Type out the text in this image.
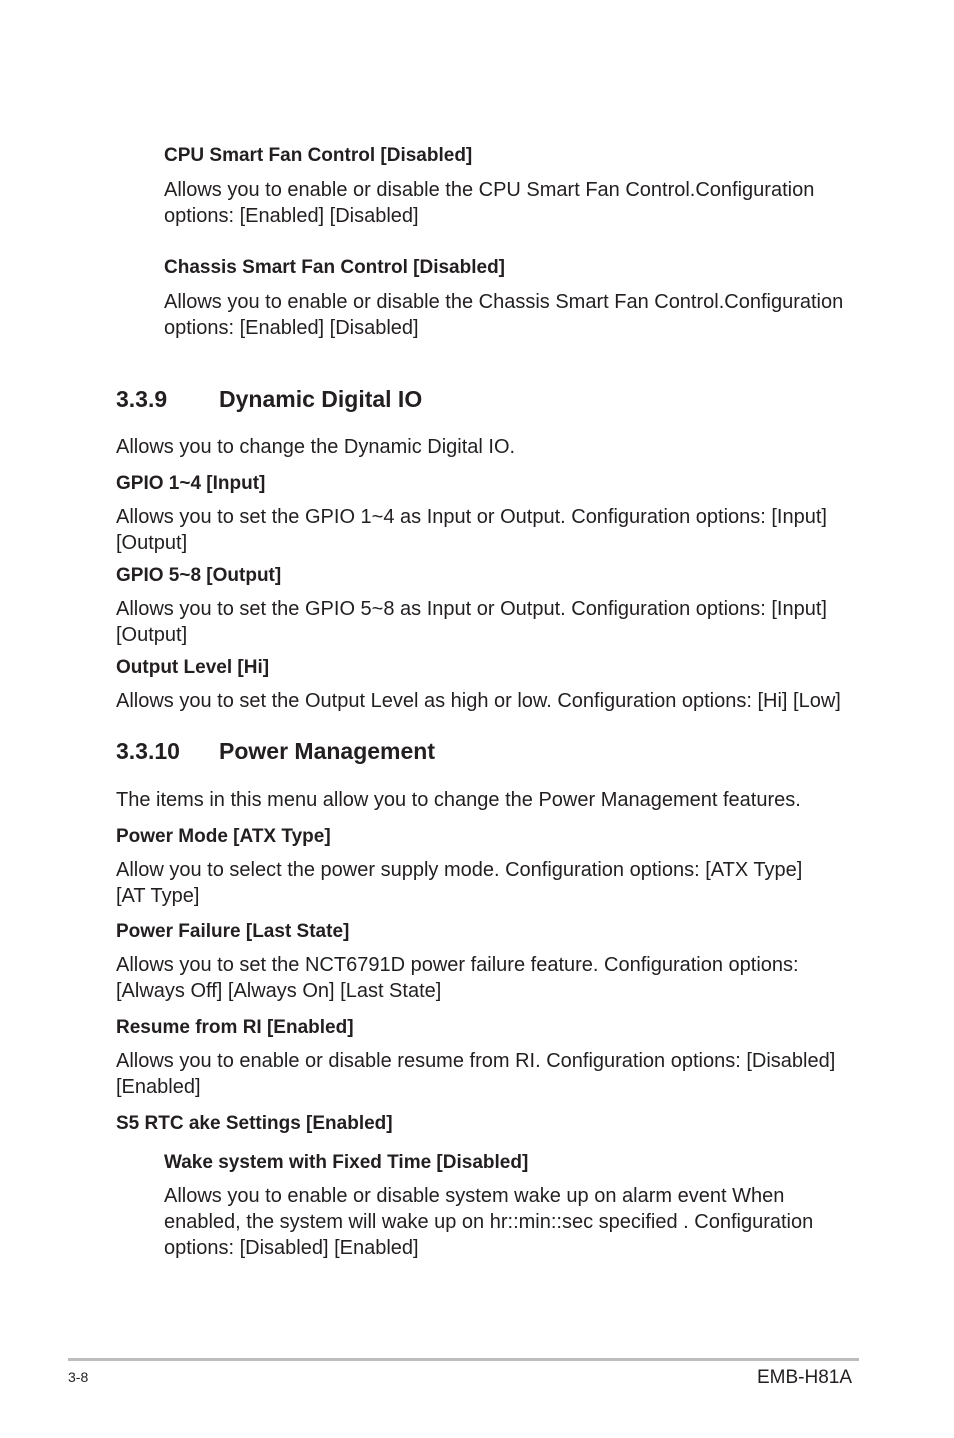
CPU Smart Fan Control [Disabled]

Allows you to enable or disable the CPU Smart Fan Control.Configuration options: [Enabled] [Disabled]

Chassis Smart Fan Control [Disabled]

Allows you to enable or disable the Chassis Smart Fan Control.Configuration options: [Enabled] [Disabled]

3.3.9 Dynamic Digital IO

Allows you to change the Dynamic Digital IO.

GPIO 1~4 [Input]

Allows you to set the GPIO 1~4 as Input or Output. Configuration options: [Input] [Output]

GPIO 5~8 [Output]

Allows you to set the GPIO 5~8 as Input or Output. Configuration options: [Input] [Output]

Output Level [Hi]

Allows you to set the Output Level as high or low. Configuration options: [Hi] [Low]

3.3.10 Power Management

The items in this menu allow you to change the Power Management features.

Power Mode [ATX Type]

Allow you to select the power supply mode. Configuration options: [ATX Type] [AT Type]

Power Failure [Last State]

Allows you to set the NCT6791D power failure feature. Configuration options: [Always Off] [Always On] [Last State]

Resume from RI [Enabled]

Allows you to enable or disable resume from RI. Configuration options: [Disabled] [Enabled]

S5 RTC ake Settings [Enabled]

Wake system with Fixed Time [Disabled]

Allows you to enable or disable system wake up on alarm event When enabled, the system will wake up on hr::min::sec specified . Configuration options: [Disabled] [Enabled]

3-8	EMB-H81A
